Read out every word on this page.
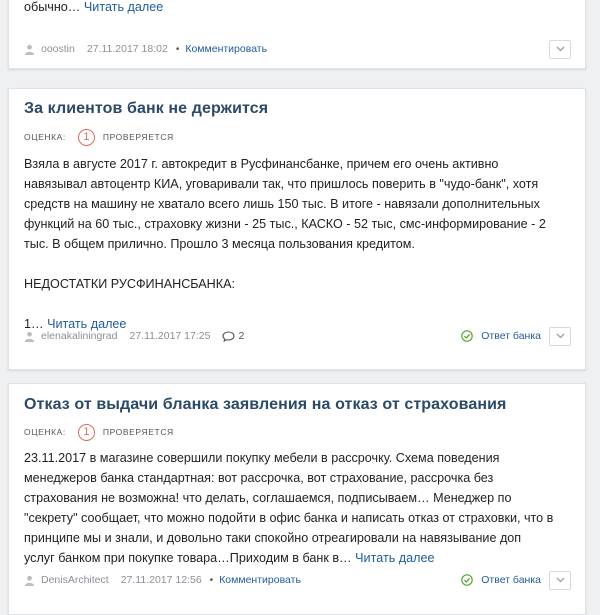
обычно… Читать далее
ooostin 27.11.2017 18:02 • Комментировать
За клиентов банк не держится
ОЦЕНКА:	1	ПРОВЕРЯЕТСЯ
Взяла в августе 2017 г. автокредит в Русфинансбанке, причем его очень активно навязывал автоцентр КИА, уговаривали так, что пришлось поверить в "чудо-банк", хотя средств на машину не хватало всего лишь 150 тыс. В итоге - навязали дополнительных функций на 60 тыс., страховку жизни - 25 тыс., КАСКО - 52 тыс, смс-информирование - 2 тыс. В общем прилично. Прошло 3 месяца пользования кредитом.
НЕДОСТАТКИ РУСФИНАНСБАНКА:
1… Читать далее
elenakaliningrad 27.11.2017 17:25	2	Ответ банка
Отказ от выдачи бланка заявления на отказ от страхования
ОЦЕНКА:	1	ПРОВЕРЯЕТСЯ
23.11.2017 в магазине совершили покупку мебели в рассрочку. Схема поведения менеджеров банка стандартная: вот рассрочка, вот страхование, рассрочка без страхования не возможна! что делать, соглашаемся, подписываем… Менеджер по "секрету" сообщает, что можно подойти в офис банка и написать отказ от страховки, что в принципе мы и знали, и довольно таки спокойно отреагировали на навязывание доп услуг банком при покупке товара…Приходим в банк в… Читать далее
DenisArchitect 27.11.2017 12:56 • Комментировать	Ответ банка
